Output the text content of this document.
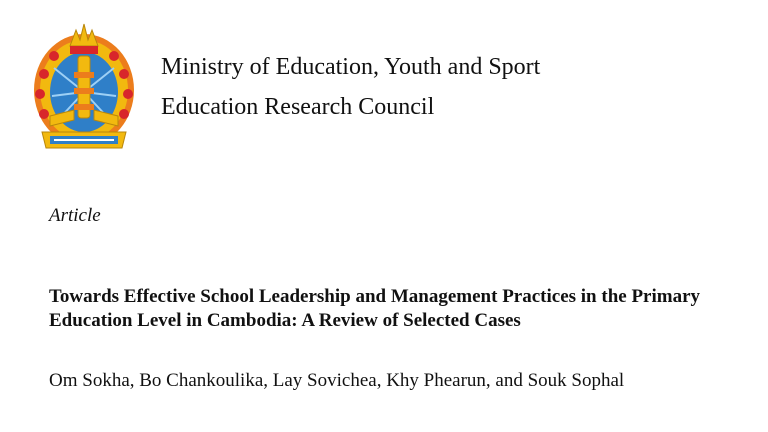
Ministry of Education, Youth and Sport
Education Research Council
Article

Towards Effective School Leadership and Management Practices in the Primary Education Level in Cambodia: A Review of Selected Cases

Om Sokha, Bo Chankoulika, Lay Sovichea, Khy Phearun, and Souk Sophal
